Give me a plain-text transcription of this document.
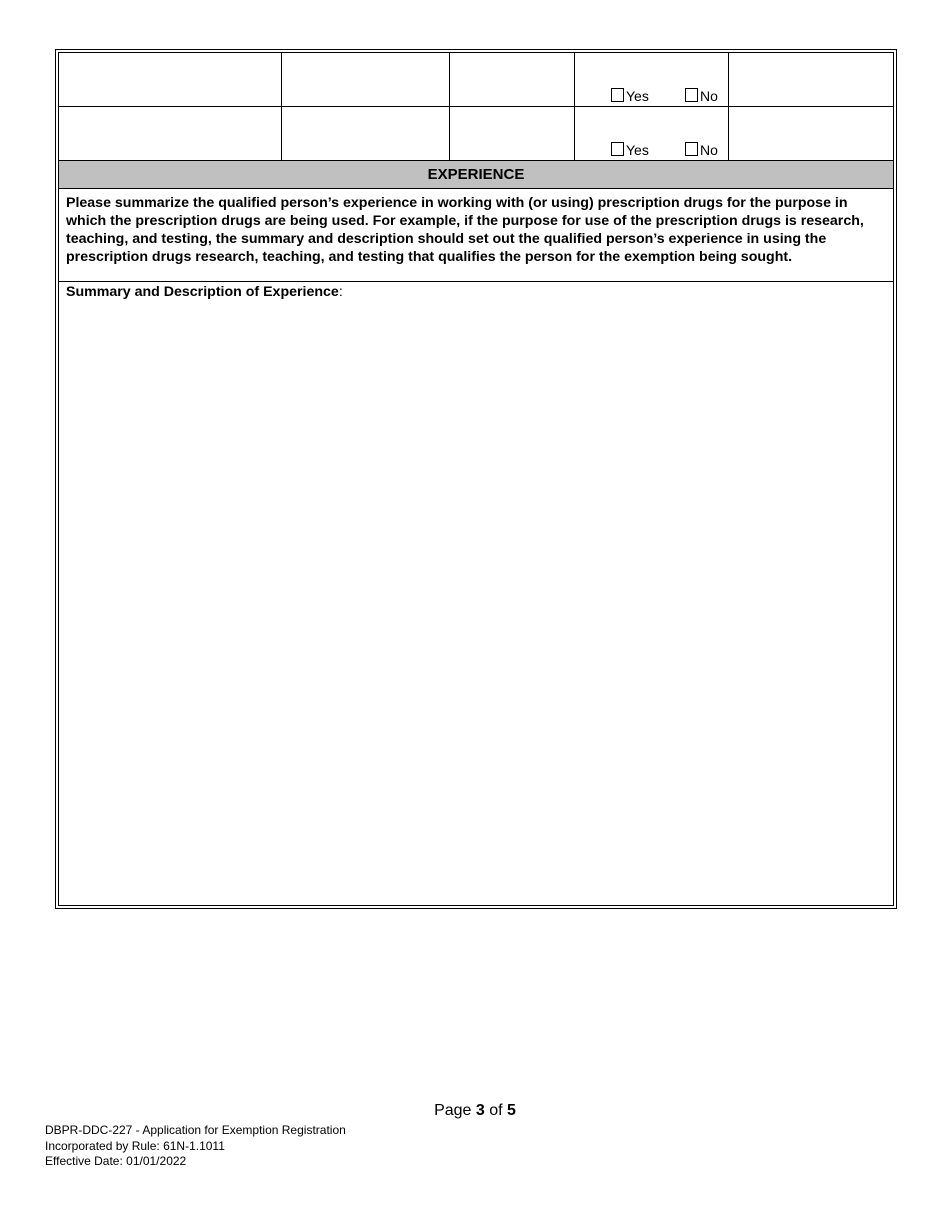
Yes	No
Yes	No
EXPERIENCE
Please summarize the qualified person’s experience in working with (or using) prescription drugs for the purpose in which the prescription drugs are being used. For example, if the purpose for use of the prescription drugs is research, teaching, and testing, the summary and description should set out the qualified person’s experience in using the prescription drugs research, teaching, and testing that qualifies the person for the exemption being sought.
Summary and Description of Experience:
Page 3 of 5
DBPR-DDC-227 - Application for Exemption Registration
Incorporated by Rule: 61N-1.1011
Effective Date: 01/01/2022
